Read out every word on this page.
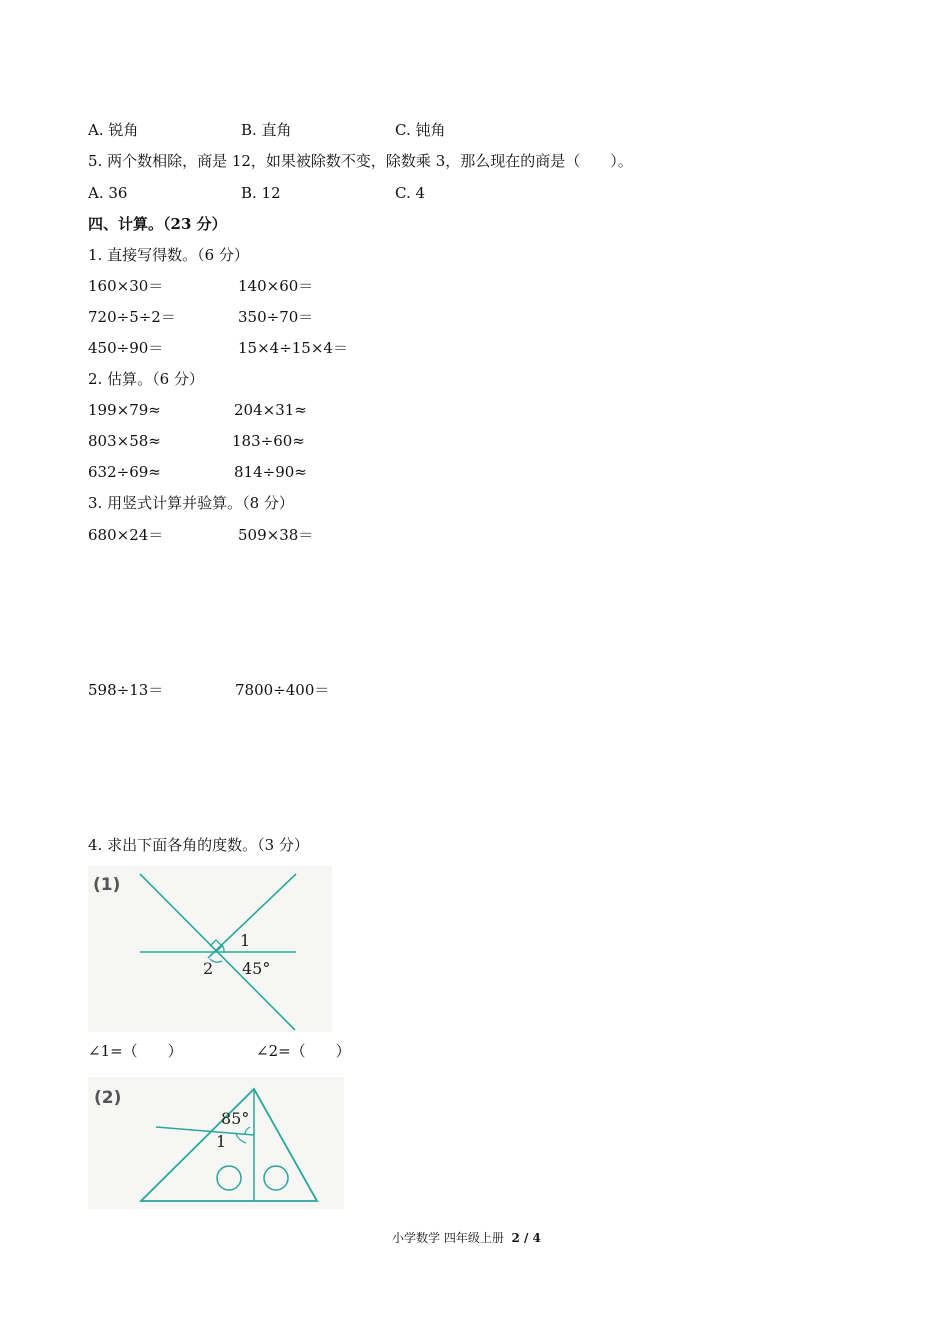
A. 锐角	B. 直角	C. 钝角
5. 两个数相除，商是 12，如果被除数不变，除数乘 3，那么现在的商是（　　）。
A. 36	B. 12	C. 4
四、计算。（23 分）
1. 直接写得数。（6 分）
160×30＝	140×60＝
720÷5÷2＝	350÷70＝
450÷90＝	15×4÷15×4＝
2. 估算。（6 分）
199×79≈	204×31≈
803×58≈	183÷60≈
632÷69≈	814÷90≈
3. 用竖式计算并验算。（8 分）
680×24＝	509×38＝
598÷13＝	7800÷400＝
4. 求出下面各角的度数。（3 分）
(1)
1
2 45°
∠1=（　　）	∠2=（　　）
(2)
85°
1
小学数学 四年级上册 2 / 4
